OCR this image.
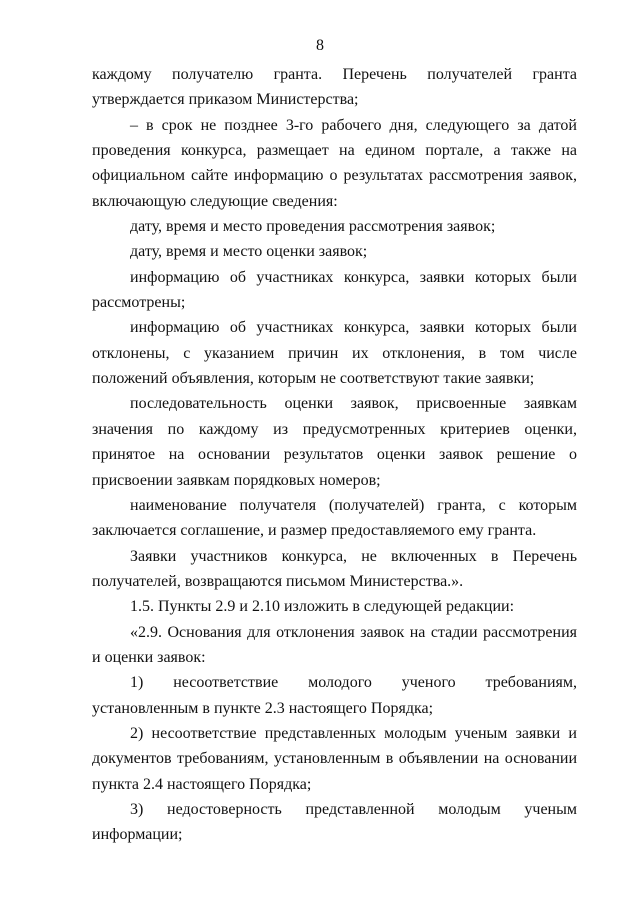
8

каждому получателю гранта. Перечень получателей гранта утверждается приказом Министерства;

– в срок не позднее 3-го рабочего дня, следующего за датой проведения конкурса, размещает на едином портале, а также на официальном сайте информацию о результатах рассмотрения заявок, включающую следующие сведения:

дату, время и место проведения рассмотрения заявок;

дату, время и место оценки заявок;

информацию об участниках конкурса, заявки которых были рассмотрены;

информацию об участниках конкурса, заявки которых были отклонены, с указанием причин их отклонения, в том числе положений объявления, которым не соответствуют такие заявки;

последовательность оценки заявок, присвоенные заявкам значения по каждому из предусмотренных критериев оценки, принятое на основании результатов оценки заявок решение о присвоении заявкам порядковых номеров;

наименование получателя (получателей) гранта, с которым заключается соглашение, и размер предоставляемого ему гранта.

Заявки участников конкурса, не включенных в Перечень получателей, возвращаются письмом Министерства.».

1.5. Пункты 2.9 и 2.10 изложить в следующей редакции:

«2.9. Основания для отклонения заявок на стадии рассмотрения и оценки заявок:

1) несоответствие молодого ученого требованиям, установленным в пункте 2.3 настоящего Порядка;

2) несоответствие представленных молодым ученым заявки и документов требованиям, установленным в объявлении на основании пункта 2.4 настоящего Порядка;

3) недостоверность представленной молодым ученым информации;
